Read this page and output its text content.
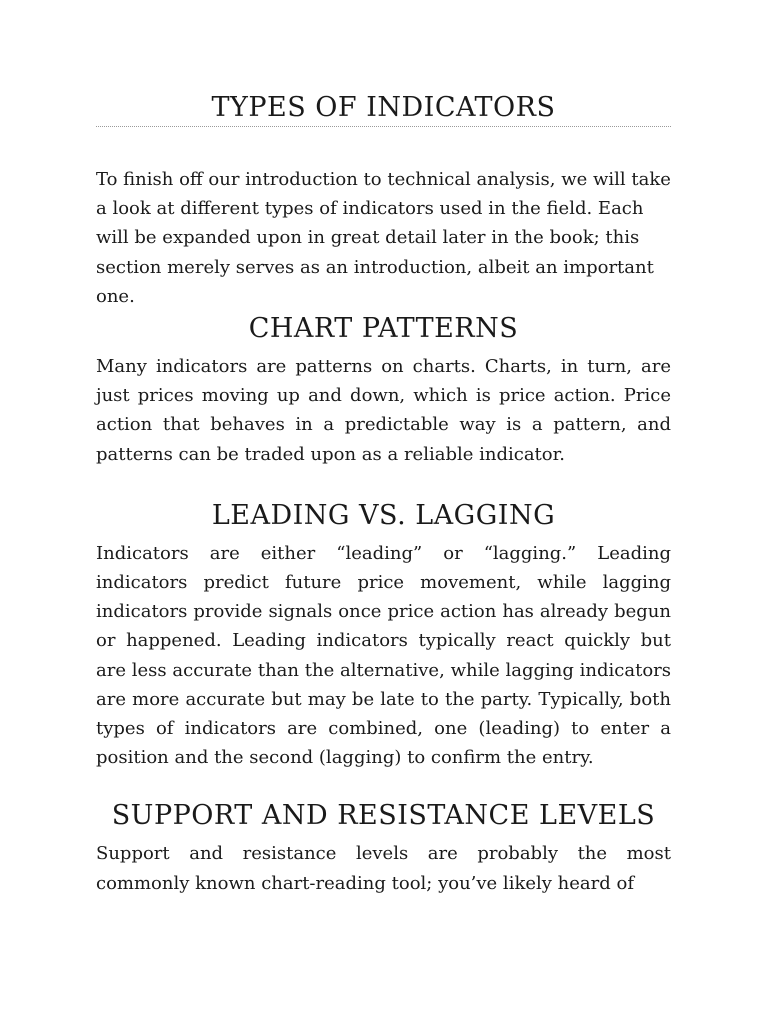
TYPES OF INDICATORS

To finish off our introduction to technical analysis, we will take a look at different types of indicators used in the field. Each will be expanded upon in great detail later in the book; this section merely serves as an introduction, albeit an important one.

CHART PATTERNS

Many indicators are patterns on charts. Charts, in turn, are just prices moving up and down, which is price action. Price action that behaves in a predictable way is a pattern, and patterns can be traded upon as a reliable indicator.

LEADING VS. LAGGING

Indicators are either “leading” or “lagging.” Leading indicators predict future price movement, while lagging indicators provide signals once price action has already begun or happened. Leading indicators typically react quickly but are less accurate than the alternative, while lagging indicators are more accurate but may be late to the party. Typically, both types of indicators are combined, one (leading) to enter a position and the second (lagging) to confirm the entry.

SUPPORT AND RESISTANCE LEVELS

Support and resistance levels are probably the most commonly known chart-reading tool; you’ve likely heard of
